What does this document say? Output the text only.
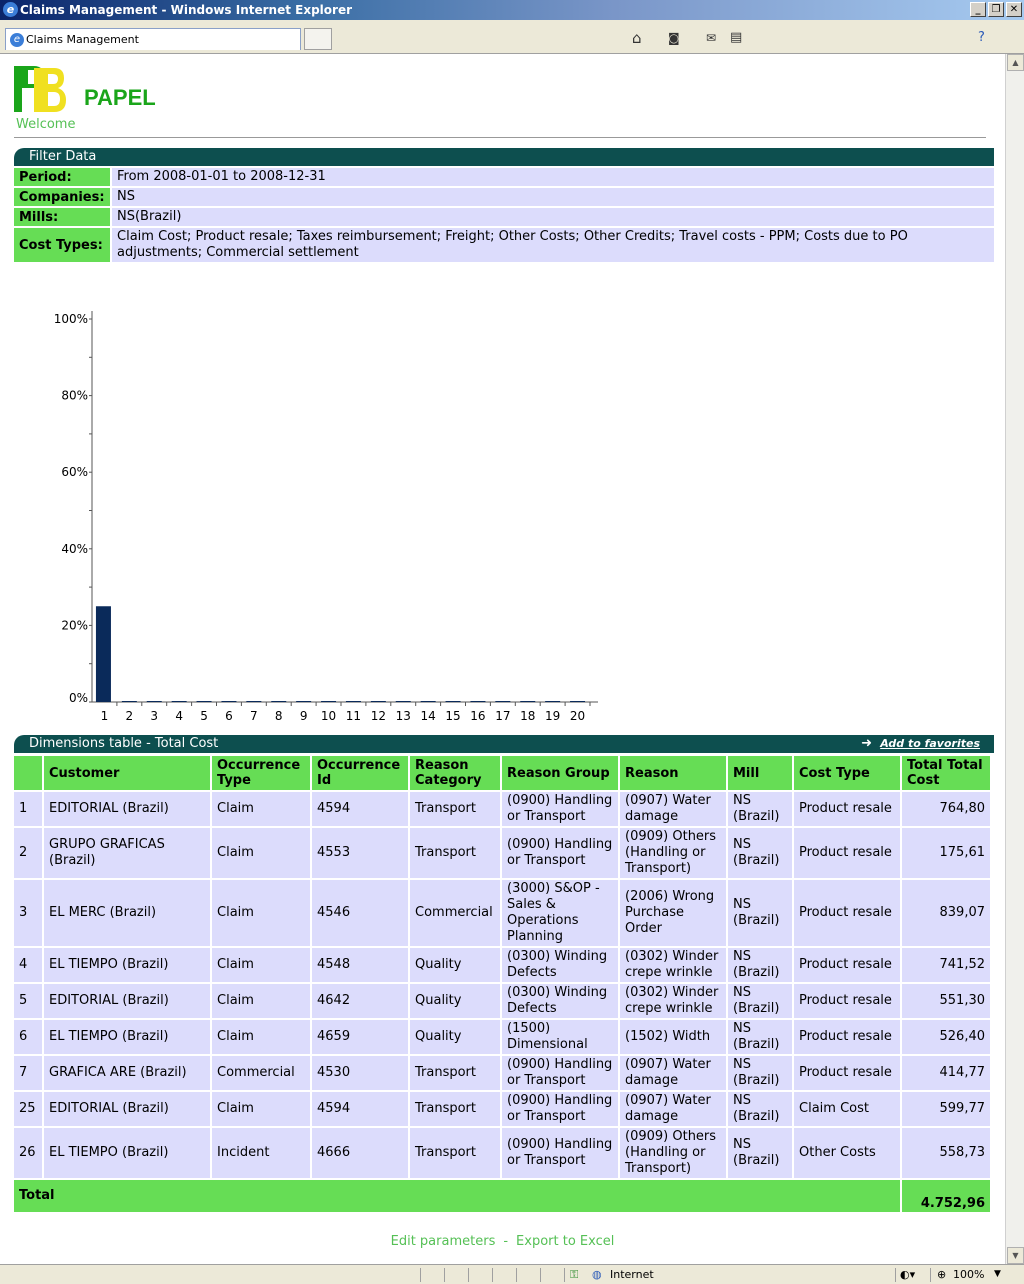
e Claims Management - Windows Internet Explorer	_	❐ ✕
e Claims Management	⌂ ◙ ✉ ▤	?
PAPEL
Welcome
Filter Data
Period:	From 2008-01-01 to 2008-12-31
Companies: NS
Mills:	NS(Brazil)
Cost Types:
Claim Cost; Product resale; Taxes reimbursement; Freight; Other Costs; Other Credits; Travel costs - PPM; Costs due to PO adjustments; Commercial settlement
0%
20%
40%
60%
80%
100%
1 2 3 4 5 6 7 8 9 10 11 12 13 14 15 16 17 18 19 20
Dimensions table - Total Cost	➜ Add to favorites
	Customer	Occurrence Type	Occurrence Id	Reason Category	Reason Group	Reason	Mill	Cost Type	Total Total Cost
1	EDITORIAL (Brazil)	Claim	4594	Transport	(0900) Handling or Transport	(0907) Water damage	NS (Brazil)	Product resale	764,80
2	GRUPO GRAFICAS (Brazil)	Claim	4553	Transport	(0900) Handling or Transport	(0909) Others (Handling or Transport)	NS (Brazil)	Product resale	175,61
3	EL MERC (Brazil)	Claim	4546	Commercial	(3000) S&OP - Sales & Operations Planning	(2006) Wrong Purchase Order	NS (Brazil)	Product resale	839,07
4	EL TIEMPO (Brazil)	Claim	4548	Quality	(0300) Winding Defects	(0302) Winder crepe wrinkle	NS (Brazil)	Product resale	741,52
5	EDITORIAL (Brazil)	Claim	4642	Quality	(0300) Winding Defects	(0302) Winder crepe wrinkle	NS (Brazil)	Product resale	551,30
6	EL TIEMPO (Brazil)	Claim	4659	Quality	(1500) Dimensional	(1502) Width	NS (Brazil)	Product resale	526,40
7	GRAFICA ARE (Brazil)	Commercial	4530	Transport	(0900) Handling or Transport	(0907) Water damage	NS (Brazil)	Product resale	414,77
25	EDITORIAL (Brazil)	Claim	4594	Transport	(0900) Handling or Transport	(0907) Water damage	NS (Brazil)	Claim Cost	599,77
26	EL TIEMPO (Brazil)	Incident	4666	Transport	(0900) Handling or Transport	(0909) Others (Handling or Transport)	NS (Brazil)	Other Costs	558,73
Total									4.752,96
Edit parameters - Export to Excel
▲
▼
⚿ ◍ Internet	◐▾ ⊕ 100% ▼
